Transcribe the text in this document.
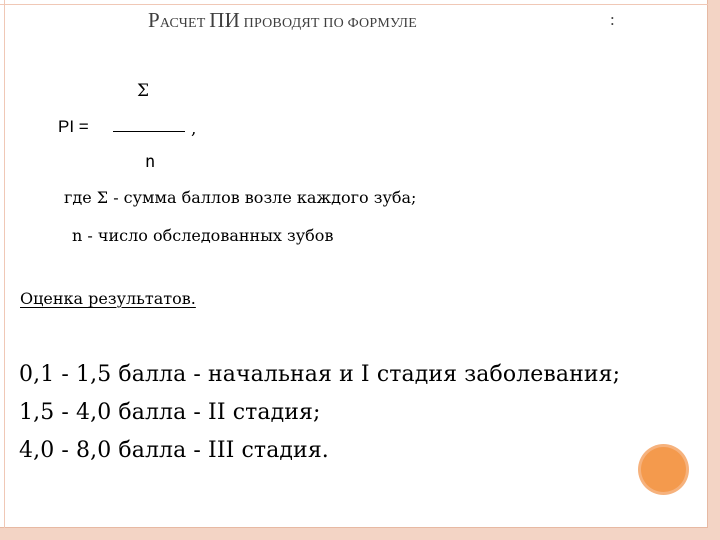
РАСЧЕТ ПИ ПРОВОДЯТ ПО ФОРМУЛЕ	:
Σ
PI =	,
n
где Σ - сумма баллов возле каждого зуба;
n - число обследованных зубов
Оценка результатов.
0,1 - 1,5 балла - начальная и I стадия заболевания;
1,5 - 4,0 балла - II стадия;
4,0 - 8,0 балла - III стадия.
